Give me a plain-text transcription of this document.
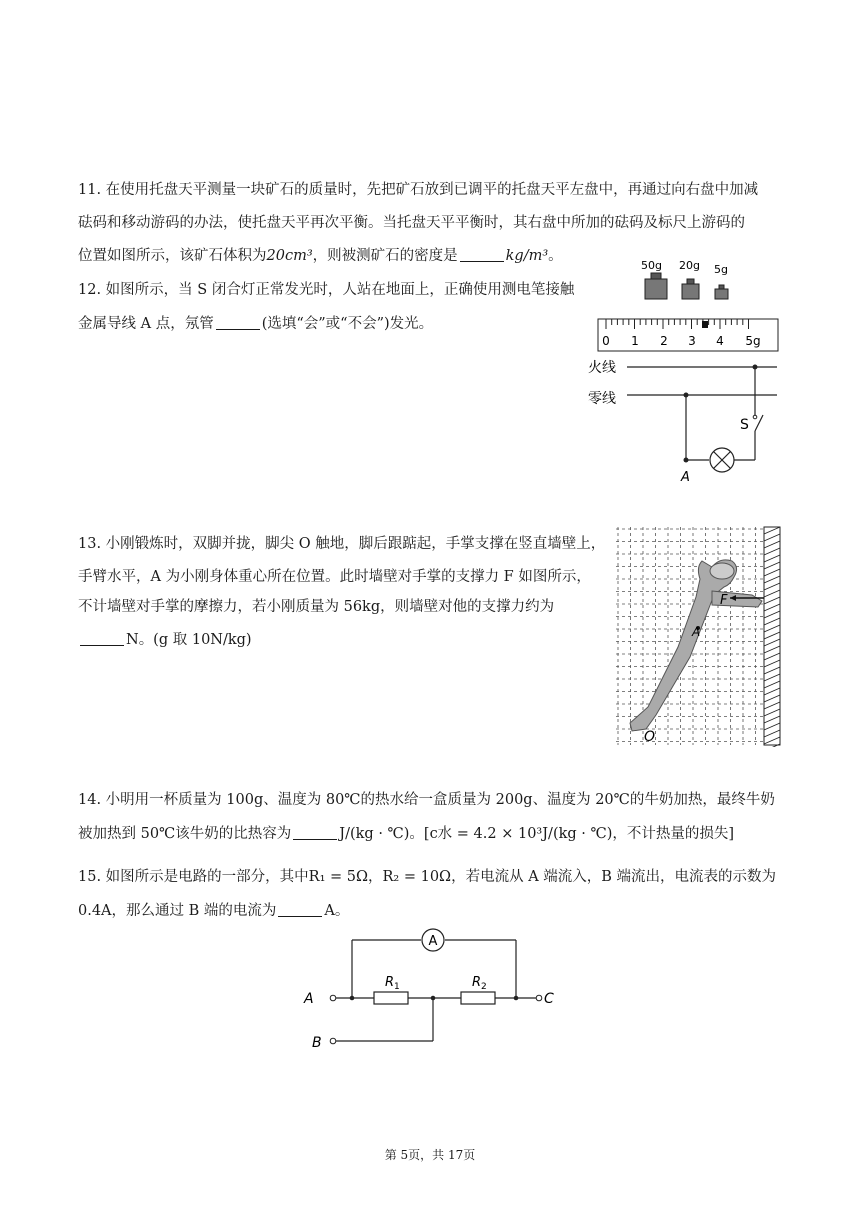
11. 在使用托盘天平测量一块矿石的质量时，先把矿石放到已调平的托盘天平左盘中，再通过向右盘中加减
砝码和移动游码的办法，使托盘天平再次平衡。当托盘天平平衡时，其右盘中所加的砝码及标尺上游码的
位置如图所示，该矿石体积为20cm³，则被测矿石的密度是	kg/m³。
12. 如图所示，当 S 闭合灯正常发光时，人站在地面上，正确使用测电笔接触
金属导线 A 点，氖管	(选填“会”或“不会”)发光。
50g 20g 5g
0 1 2 3 4 5g
火线
零线
S
A
13. 小刚锻炼时，双脚并拢，脚尖 O 触地，脚后跟踮起，手掌支撑在竖直墙壁上，
手臂水平，A 为小刚身体重心所在位置。此时墙壁对手掌的支撑力 F 如图所示，
不计墙壁对手掌的摩擦力，若小刚质量为 56kg，则墙壁对他的支撑力约为
N。(g 取 10N/kg)
F
A
O
14. 小明用一杯质量为 100g、温度为 80℃的热水给一盒质量为 200g、温度为 20℃的牛奶加热，最终牛奶
被加热到 50℃该牛奶的比热容为	J/(kg · ℃)。[c水 = 4.2 × 10³J/(kg · ℃)，不计热量的损失]
15. 如图所示是电路的一部分，其中R₁ = 5Ω，R₂ = 10Ω，若电流从 A 端流入，B 端流出，电流表的示数为
0.4A，那么通过 B 端的电流为	A。
A
A
B
C
$R_1$	$R_2$
第 5页，共 17页
